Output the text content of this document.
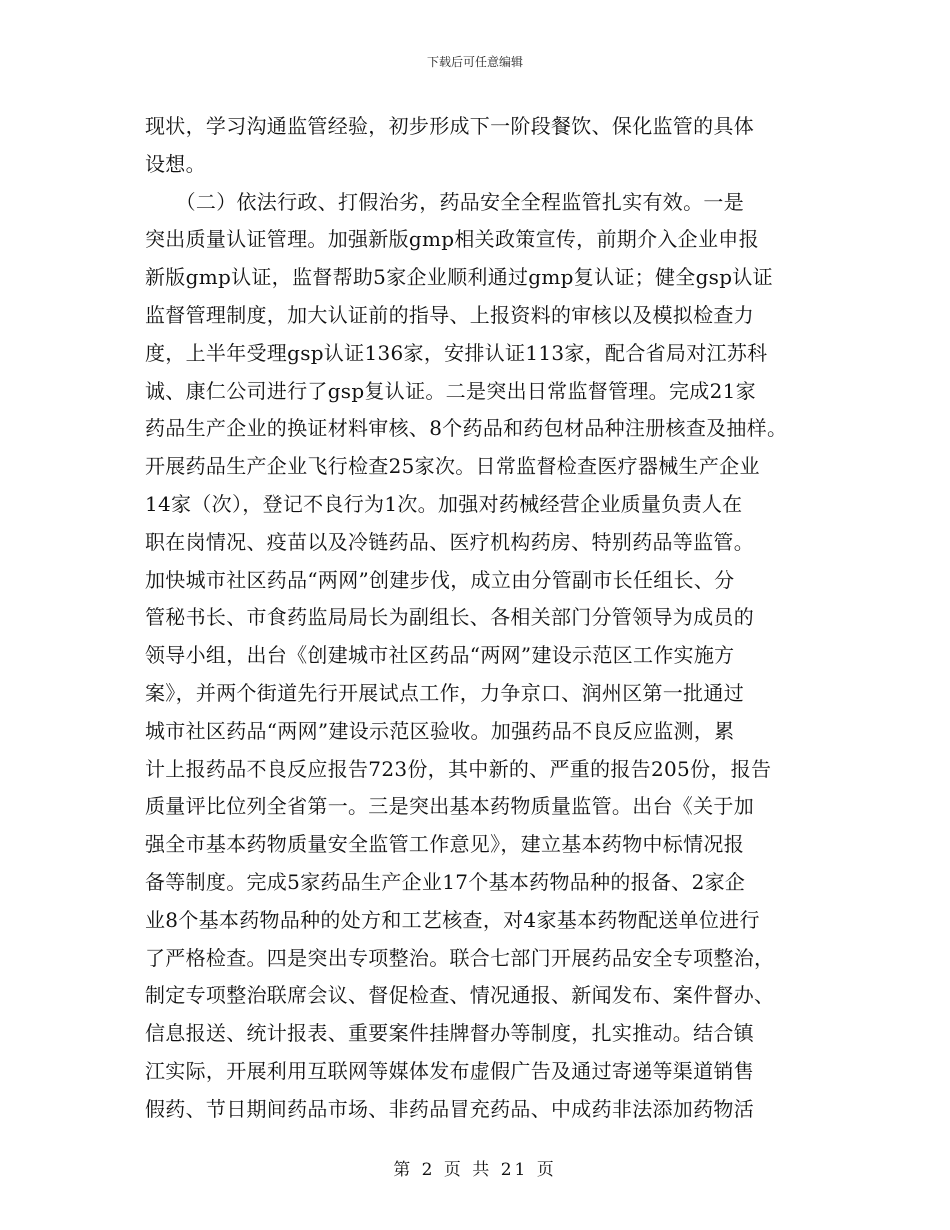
下载后可任意编辑
现状，学习沟通监管经验，初步形成下一阶段餐饮、保化监管的具体
设想。
　　（二）依法行政、打假治劣，药品安全全程监管扎实有效。一是
突出质量认证管理。加强新版gmp相关政策宣传，前期介入企业申报
新版gmp认证，监督帮助5家企业顺利通过gmp复认证；健全gsp认证
监督管理制度，加大认证前的指导、上报资料的审核以及模拟检查力
度，上半年受理gsp认证136家，安排认证113家，配合省局对江苏科
诚、康仁公司进行了gsp复认证。二是突出日常监督管理。完成21家
药品生产企业的换证材料审核、8个药品和药包材品种注册核查及抽样。
开展药品生产企业飞行检查25家次。日常监督检查医疗器械生产企业
14家（次），登记不良行为1次。加强对药械经营企业质量负责人在
职在岗情况、疫苗以及冷链药品、医疗机构药房、特别药品等监管。
加快城市社区药品“两网”创建步伐，成立由分管副市长任组长、分
管秘书长、市食药监局局长为副组长、各相关部门分管领导为成员的
领导小组，出台《创建城市社区药品“两网”建设示范区工作实施方
案》，并两个街道先行开展试点工作，力争京口、润州区第一批通过
城市社区药品“两网”建设示范区验收。加强药品不良反应监测，累
计上报药品不良反应报告723份，其中新的、严重的报告205份，报告
质量评比位列全省第一。三是突出基本药物质量监管。出台《关于加
强全市基本药物质量安全监管工作意见》，建立基本药物中标情况报
备等制度。完成5家药品生产企业17个基本药物品种的报备、2家企
业8个基本药物品种的处方和工艺核查，对4家基本药物配送单位进行
了严格检查。四是突出专项整治。联合七部门开展药品安全专项整治，
制定专项整治联席会议、督促检查、情况通报、新闻发布、案件督办、
信息报送、统计报表、重要案件挂牌督办等制度，扎实推动。结合镇
江实际，开展利用互联网等媒体发布虚假广告及通过寄递等渠道销售
假药、节日期间药品市场、非药品冒充药品、中成药非法添加药物活
第 2 页 共 21 页
